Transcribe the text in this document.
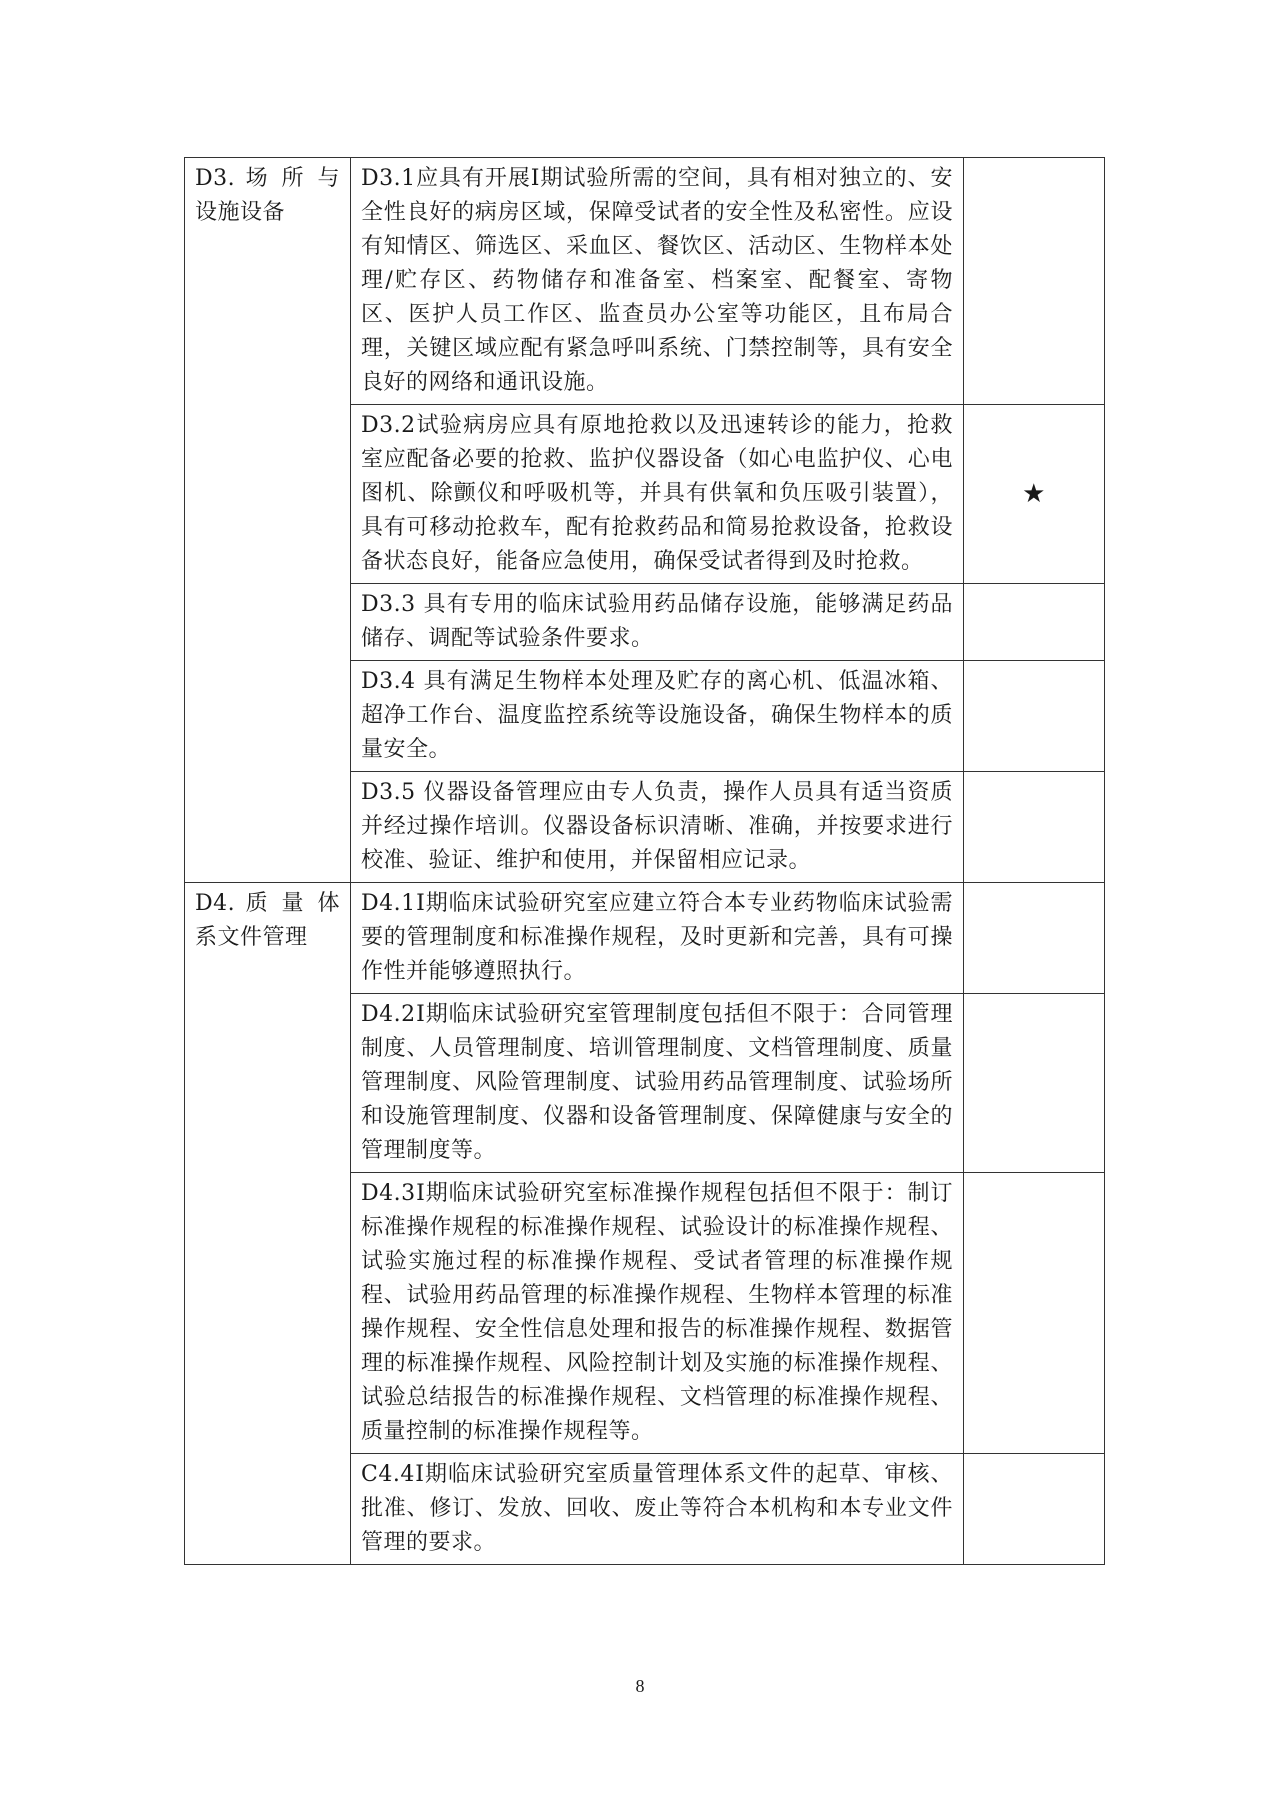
D3. 场 所 与设施设备	D3.1应具有开展Ⅰ期试验所需的空间，具有相对独立的、安全性良好的病房区域，保障受试者的安全性及私密性。应设有知情区、筛选区、采血区、餐饮区、活动区、生物样本处理/贮存区、药物储存和准备室、档案室、配餐室、寄物区、医护人员工作区、监查员办公室等功能区，且布局合理，关键区域应配有紧急呼叫系统、门禁控制等，具有安全良好的网络和通讯设施。	
	D3.2试验病房应具有原地抢救以及迅速转诊的能力，抢救室应配备必要的抢救、监护仪器设备（如心电监护仪、心电图机、除颤仪和呼吸机等，并具有供氧和负压吸引装置），具有可移动抢救车，配有抢救药品和简易抢救设备，抢救设备状态良好，能备应急使用，确保受试者得到及时抢救。	★
	D3.3 具有专用的临床试验用药品储存设施，能够满足药品储存、调配等试验条件要求。	
	D3.4 具有满足生物样本处理及贮存的离心机、低温冰箱、超净工作台、温度监控系统等设施设备，确保生物样本的质量安全。	
	D3.5 仪器设备管理应由专人负责，操作人员具有适当资质并经过操作培训。仪器设备标识清晰、准确，并按要求进行校准、验证、维护和使用，并保留相应记录。	
D4. 质 量 体系文件管理	D4.1Ⅰ期临床试验研究室应建立符合本专业药物临床试验需要的管理制度和标准操作规程，及时更新和完善，具有可操作性并能够遵照执行。	
	D4.2Ⅰ期临床试验研究室管理制度包括但不限于：合同管理制度、人员管理制度、培训管理制度、文档管理制度、质量管理制度、风险管理制度、试验用药品管理制度、试验场所和设施管理制度、仪器和设备管理制度、保障健康与安全的管理制度等。	
	D4.3Ⅰ期临床试验研究室标准操作规程包括但不限于：制订标准操作规程的标准操作规程、试验设计的标准操作规程、试验实施过程的标准操作规程、受试者管理的标准操作规程、试验用药品管理的标准操作规程、生物样本管理的标准操作规程、安全性信息处理和报告的标准操作规程、数据管理的标准操作规程、风险控制计划及实施的标准操作规程、试验总结报告的标准操作规程、文档管理的标准操作规程、质量控制的标准操作规程等。	
	C4.4Ⅰ期临床试验研究室质量管理体系文件的起草、审核、批准、修订、发放、回收、废止等符合本机构和本专业文件管理的要求。	
8
